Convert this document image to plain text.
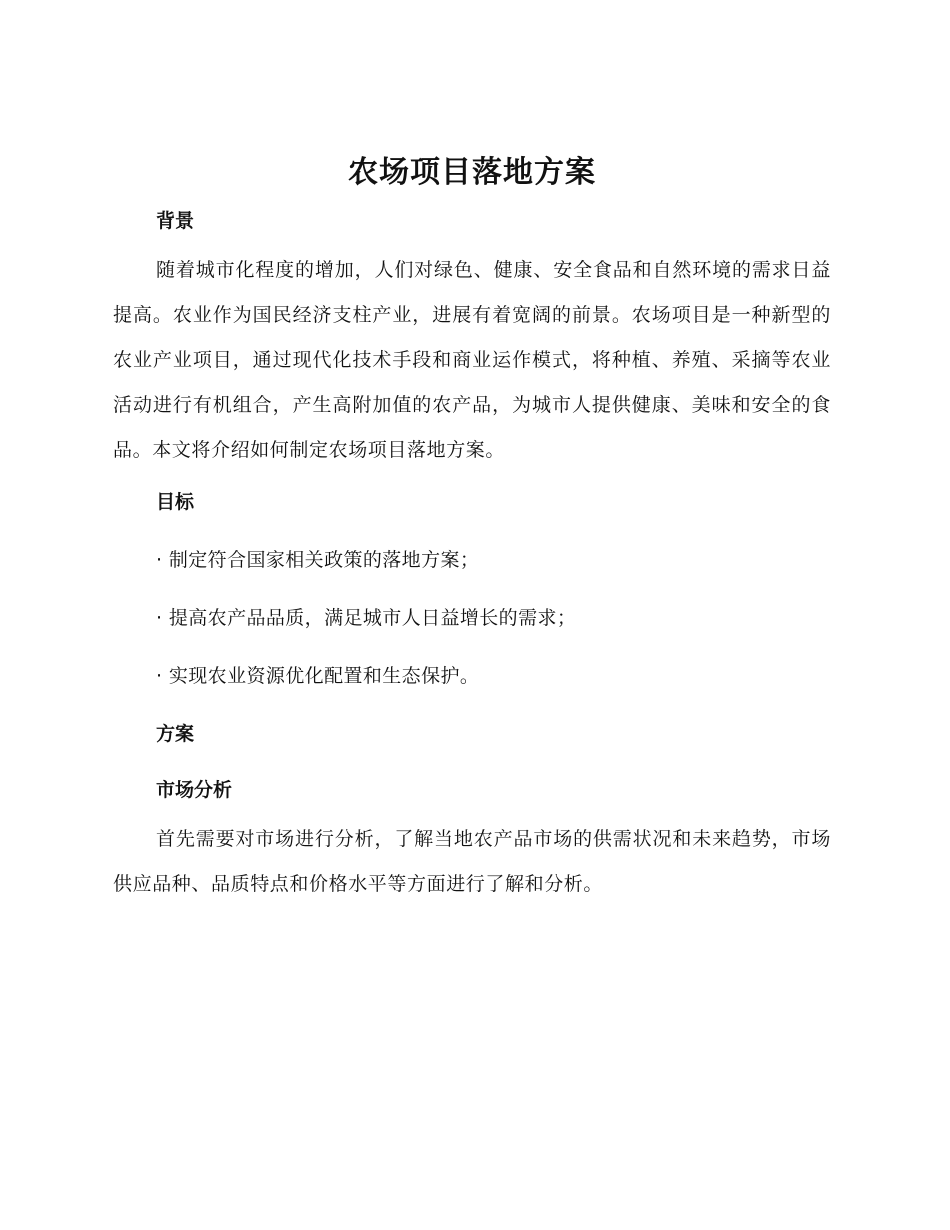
农场项目落地方案
背景

随着城市化程度的增加，人们对绿色、健康、安全食品和自然环境的需求日益提高。农业作为国民经济支柱产业，进展有着宽阔的前景。农场项目是一种新型的农业产业项目，通过现代化技术手段和商业运作模式，将种植、养殖、采摘等农业活动进行有机组合，产生高附加值的农产品，为城市人提供健康、美味和安全的食品。本文将介绍如何制定农场项目落地方案。

目标

· 制定符合国家相关政策的落地方案；

· 提高农产品品质，满足城市人日益增长的需求；

· 实现农业资源优化配置和生态保护。

方案
市场分析

首先需要对市场进行分析，了解当地农产品市场的供需状况和未来趋势，市场供应品种、品质特点和价格水平等方面进行了解和分析。
